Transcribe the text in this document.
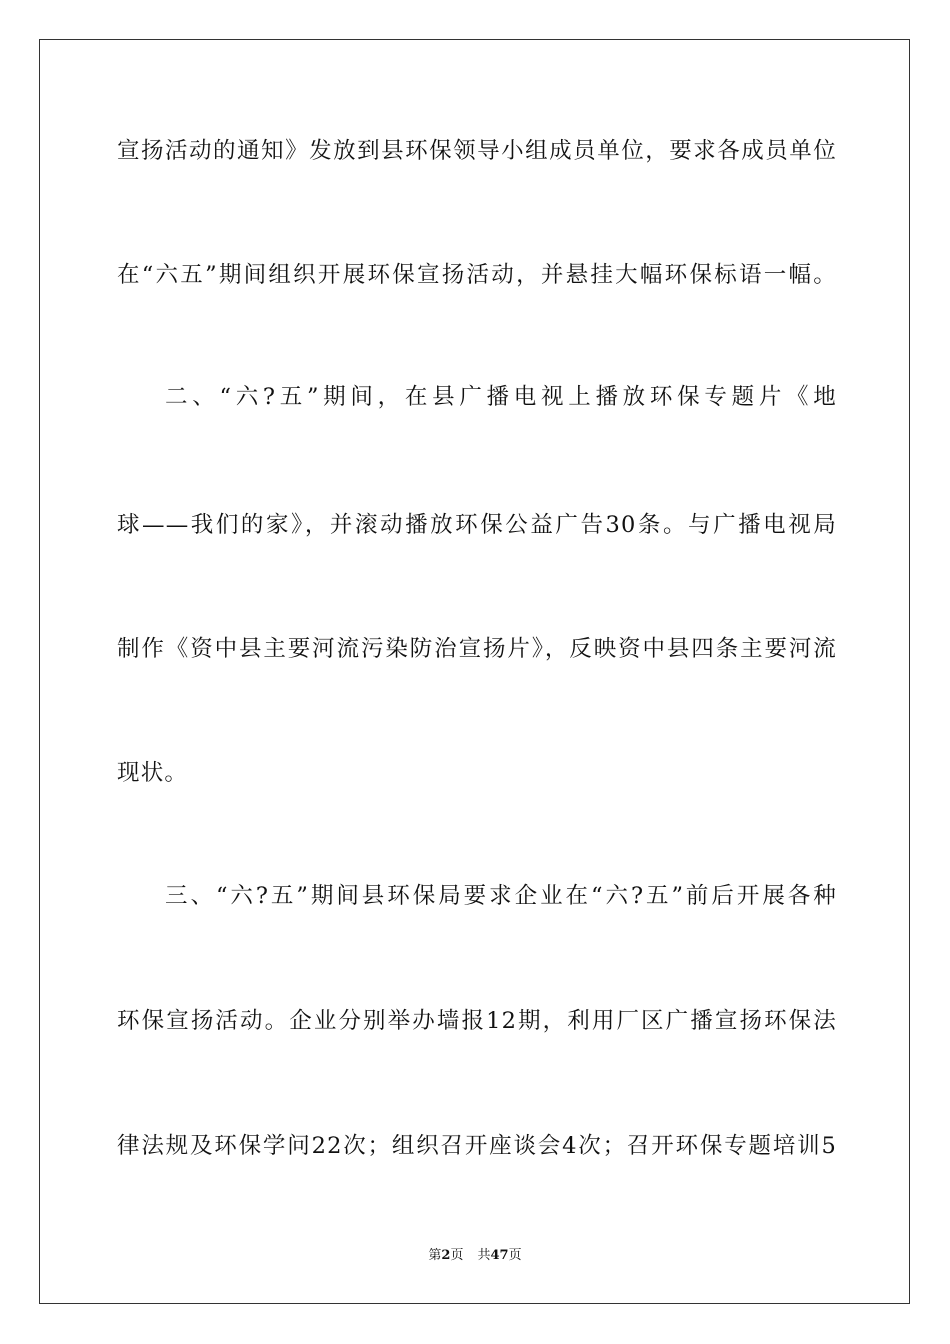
宣扬活动的通知》发放到县环保领导小组成员单位，要求各成员单位
在“六五”期间组织开展环保宣扬活动，并悬挂大幅环保标语一幅。
二、“六?五”期间，在县广播电视上播放环保专题片《地
球——我们的家》，并滚动播放环保公益广告30条。与广播电视局
制作《资中县主要河流污染防治宣扬片》，反映资中县四条主要河流
现状。
三、“六?五”期间县环保局要求企业在“六?五”前后开展各种
环保宣扬活动。企业分别举办墙报12期，利用厂区广播宣扬环保法
律法规及环保学问22次；组织召开座谈会4次；召开环保专题培训5
第2页 共47页
